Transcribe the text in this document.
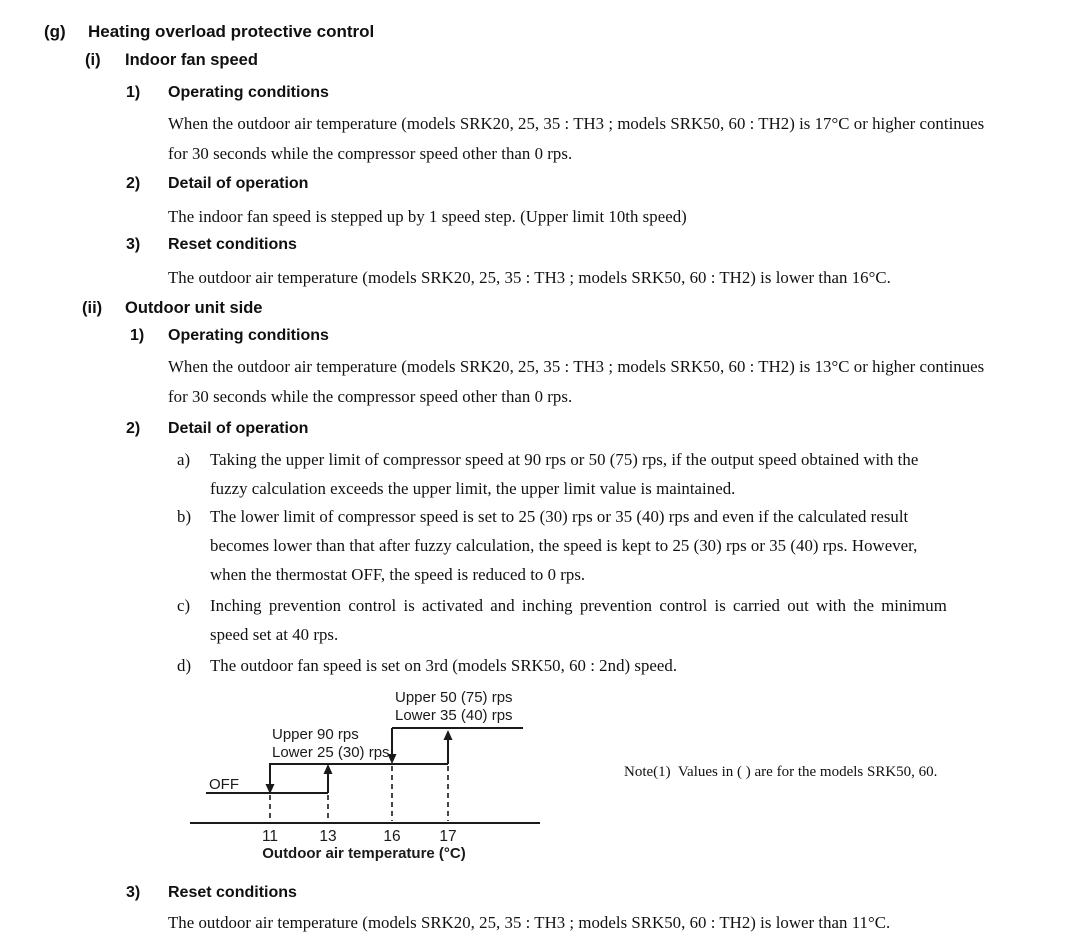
(g) Heating overload protective control
(i) Indoor fan speed
1) Operating conditions
When the outdoor air temperature (models SRK20, 25, 35 : TH3 ; models SRK50, 60 : TH2) is 17°C or higher continues
for 30 seconds while the compressor speed other than 0 rps.
2) Detail of operation
The indoor fan speed is stepped up by 1 speed step. (Upper limit 10th speed)
3) Reset conditions
The outdoor air temperature (models SRK20, 25, 35 : TH3 ; models SRK50, 60 : TH2) is lower than 16°C.
(ii) Outdoor unit side
1) Operating conditions
When the outdoor air temperature (models SRK20, 25, 35 : TH3 ; models SRK50, 60 : TH2) is 13°C or higher continues
for 30 seconds while the compressor speed other than 0 rps.
2) Detail of operation
a) Taking the upper limit of compressor speed at 90 rps or 50 (75) rps, if the output speed obtained with the
fuzzy calculation exceeds the upper limit, the upper limit value is maintained.
b) The lower limit of compressor speed is set to 25 (30) rps or 35 (40) rps and even if the calculated result
becomes lower than that after fuzzy calculation, the speed is kept to 25 (30) rps or 35 (40) rps. However,
when the thermostat OFF, the speed is reduced to 0 rps.
c) Inching prevention control is activated and inching prevention control is carried out with the minimum
speed set at 40 rps.
d) The outdoor fan speed is set on 3rd (models SRK50, 60 : 2nd) speed.
Upper 50 (75) rps
Lower 35 (40) rps
Upper 90 rps
Lower 25 (30) rps
OFF
11	13	16	17
Outdoor air temperature (°C)
Note(1)  Values in ( ) are for the models SRK50, 60.
3) Reset conditions
The outdoor air temperature (models SRK20, 25, 35 : TH3 ; models SRK50, 60 : TH2) is lower than 11°C.
